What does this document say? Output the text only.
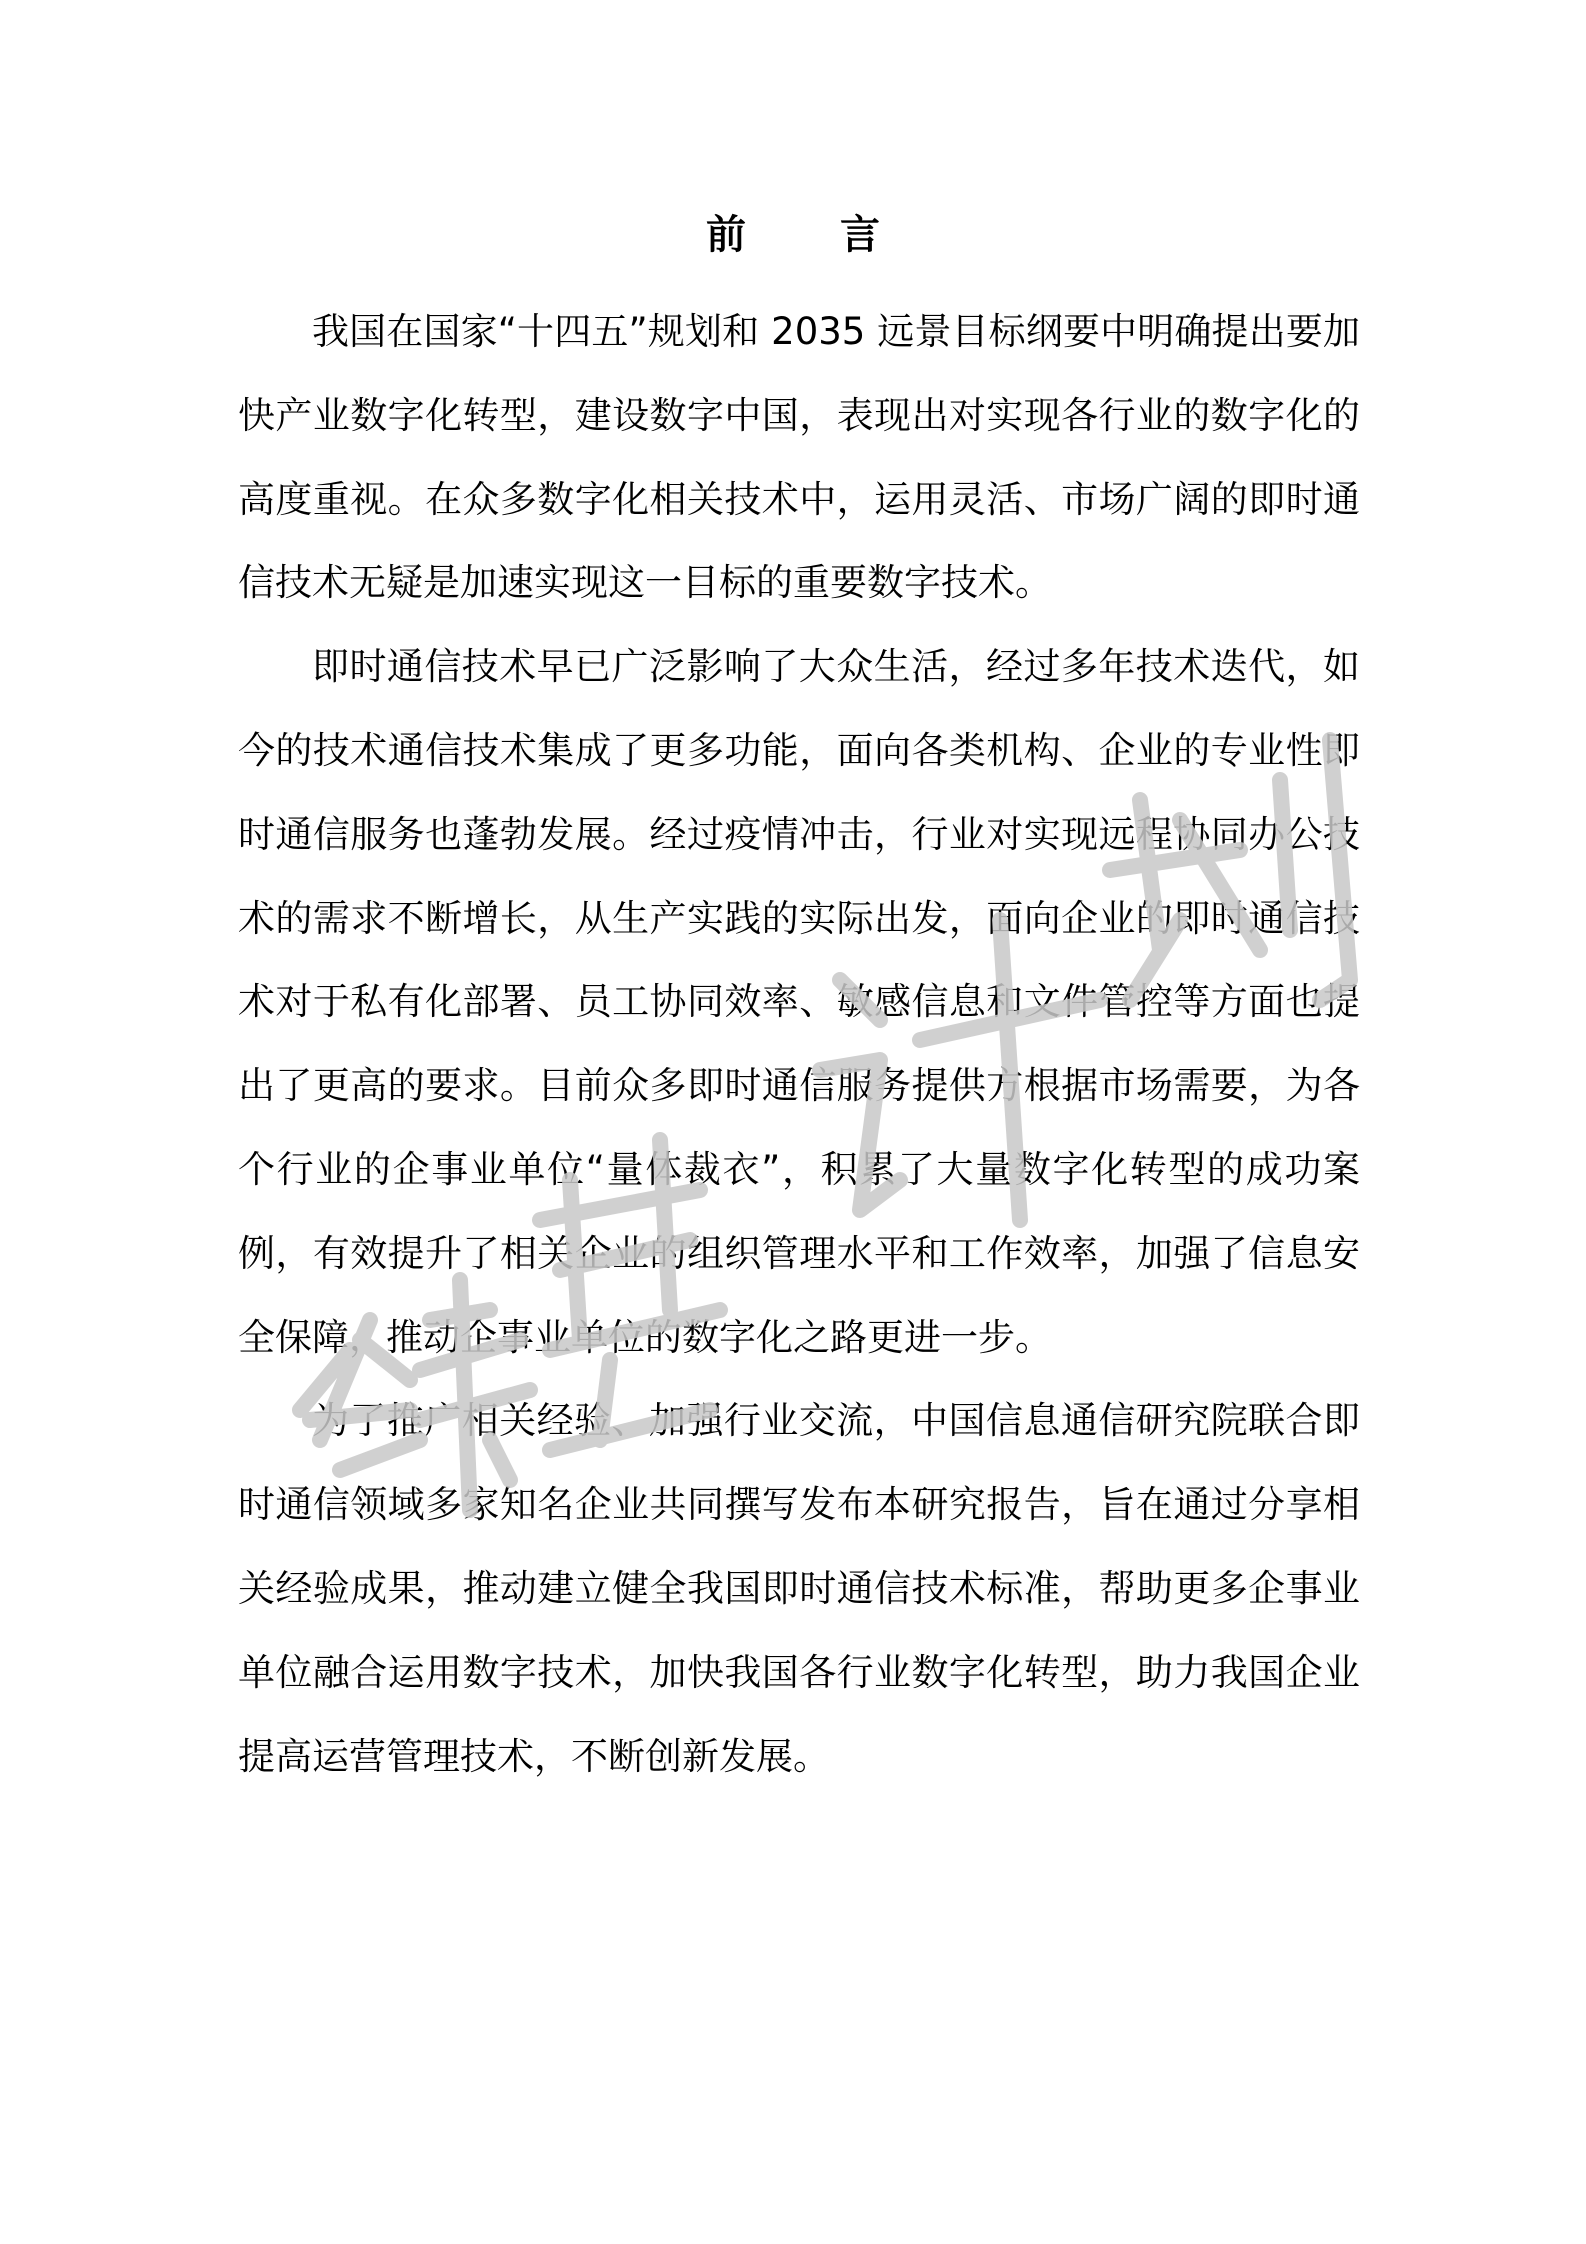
前 言

我国在国家“十四五”规划和 2035 远景目标纲要中明确提出要加快产业数字化转型，建设数字中国，表现出对实现各行业的数字化的高度重视。在众多数字化相关技术中，运用灵活、市场广阔的即时通信技术无疑是加速实现这一目标的重要数字技术。

即时通信技术早已广泛影响了大众生活，经过多年技术迭代，如今的技术通信技术集成了更多功能，面向各类机构、企业的专业性即时通信服务也蓬勃发展。经过疫情冲击，行业对实现远程协同办公技术的需求不断增长，从生产实践的实际出发，面向企业的即时通信技术对于私有化部署、员工协同效率、敏感信息和文件管控等方面也提出了更高的要求。目前众多即时通信服务提供方根据市场需要，为各个行业的企事业单位“量体裁衣”，积累了大量数字化转型的成功案例，有效提升了相关企业的组织管理水平和工作效率，加强了信息安全保障，推动企事业单位的数字化之路更进一步。

为了推广相关经验、加强行业交流，中国信息通信研究院联合即时通信领域多家知名企业共同撰写发布本研究报告，旨在通过分享相关经验成果，推动建立健全我国即时通信技术标准，帮助更多企事业单位融合运用数字技术，加快我国各行业数字化转型，助力我国企业提高运营管理技术，不断创新发展。
